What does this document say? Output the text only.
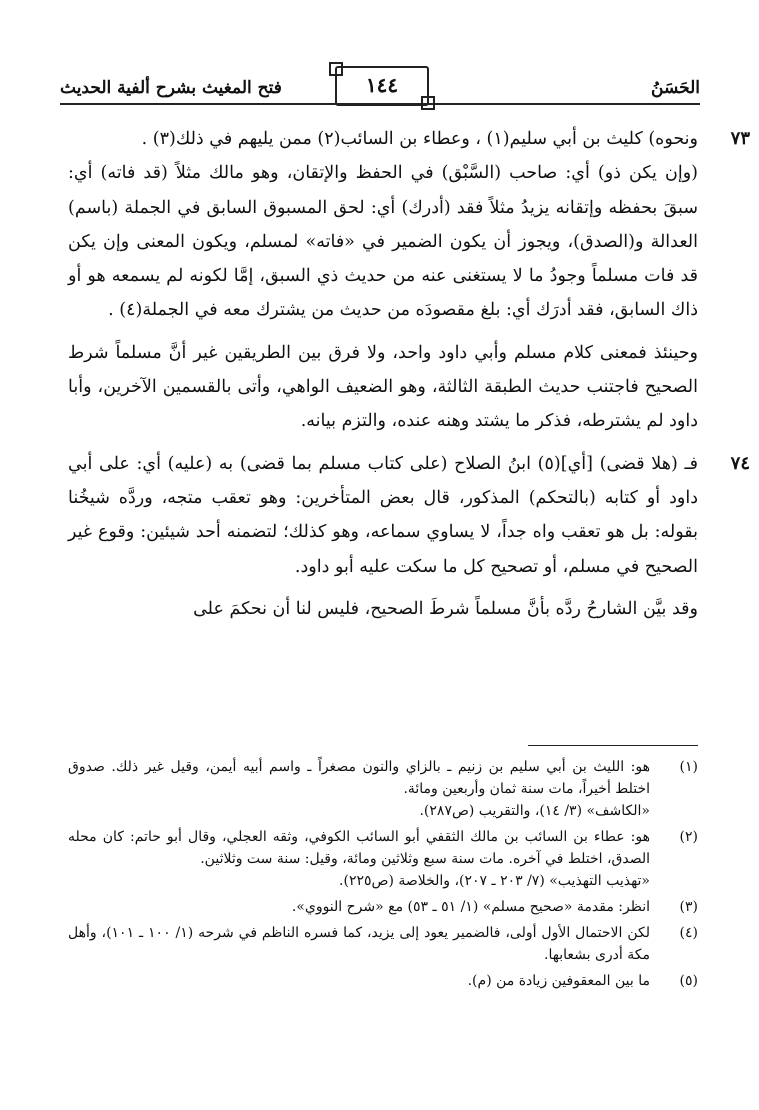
الحَسَنُ
١٤٤
فتح المغيث بشرح ألفية الحديث
٧٣

ونحوه) كليث بن أبي سليم(١) ، وعطاء بن السائب(٢) ممن يليهم في ذلك(٣) .

(وإن يكن ذو) أي: صاحب (السَّبْق) في الحفظ والإتقان، وهو مالك مثلاً (قد فاته) أي: سبقَ بحفظه وإتقانه يزيدُ مثلاً فقد (أدرك) أي: لحق المسبوق السابق في الجملة (باسم) العدالة و(الصدق)، ويجوز أن يكون الضمير في «فاته» لمسلم، ويكون المعنى وإن يكن قد فات مسلماً وجودُ ما لا يستغنى عنه من حديث ذي السبق، إمَّا لكونه لم يسمعه هو أو ذاك السابق، فقد أدرَك أي: بلغ مقصودَه من حديث من يشترك معه في الجملة(٤) .

وحينئذ فمعنى كلام مسلم وأبي داود واحد، ولا فرق بين الطريقين غير أنَّ مسلماً شرط الصحيح فاجتنب حديث الطبقة الثالثة، وهو الضعيف الواهي، وأتى بالقسمين الآخرين، وأبا داود لم يشترطه، فذكر ما يشتد وهنه عنده، والتزم بيانه.

٧٤

فـ (هلا قضى) [أي](٥) ابنُ الصلاح (على كتاب مسلم بما قضى) به (عليه) أي: على أبي داود أو كتابه (بالتحكم) المذكور، قال بعض المتأخرين: وهو تعقب متجه، وردَّه شيخُنا بقوله: بل هو تعقب واه جداً، لا يساوي سماعه، وهو كذلك؛ لتضمنه أحد شيئين: وقوع غير الصحيح في مسلم، أو تصحيح كل ما سكت عليه أبو داود.

وقد بيَّن الشارحُ ردَّه بأنَّ مسلماً شرطَ الصحيح، فليس لنا أن نحكمَ على

(١)
هو: الليث بن أبي سليم بن زنيم ـ بالزاي والنون مصغراً ـ واسم أبيه أيمن، وقيل غير ذلك. صدوق اختلط أخيراً، مات سنة ثمان وأربعين ومائة.
«الكاشف» (٣/ ١٤)، والتقريب (ص٢٨٧).
(٢)
هو: عطاء بن السائب بن مالك الثقفي أبو السائب الكوفي، وثقه العجلي، وقال أبو حاتم: كان محله الصدق، اختلط في آخره. مات سنة سبع وثلاثين ومائة، وقيل: سنة ست وثلاثين.
«تهذيب التهذيب» (٧/ ٢٠٣ ـ ٢٠٧)، والخلاصة (ص٢٢٥).
(٣)
انظر: مقدمة «صحيح مسلم» (١/ ٥١ ـ ٥٣) مع «شرح النووي».
(٤)
لكن الاحتمال الأول أولى، فالضمير يعود إلى يزيد، كما فسره الناظم في شرحه (١/ ١٠٠ ـ ١٠١)، وأهل مكة أدرى بشعابها.
(٥)
ما بين المعقوفين زيادة من (م).
